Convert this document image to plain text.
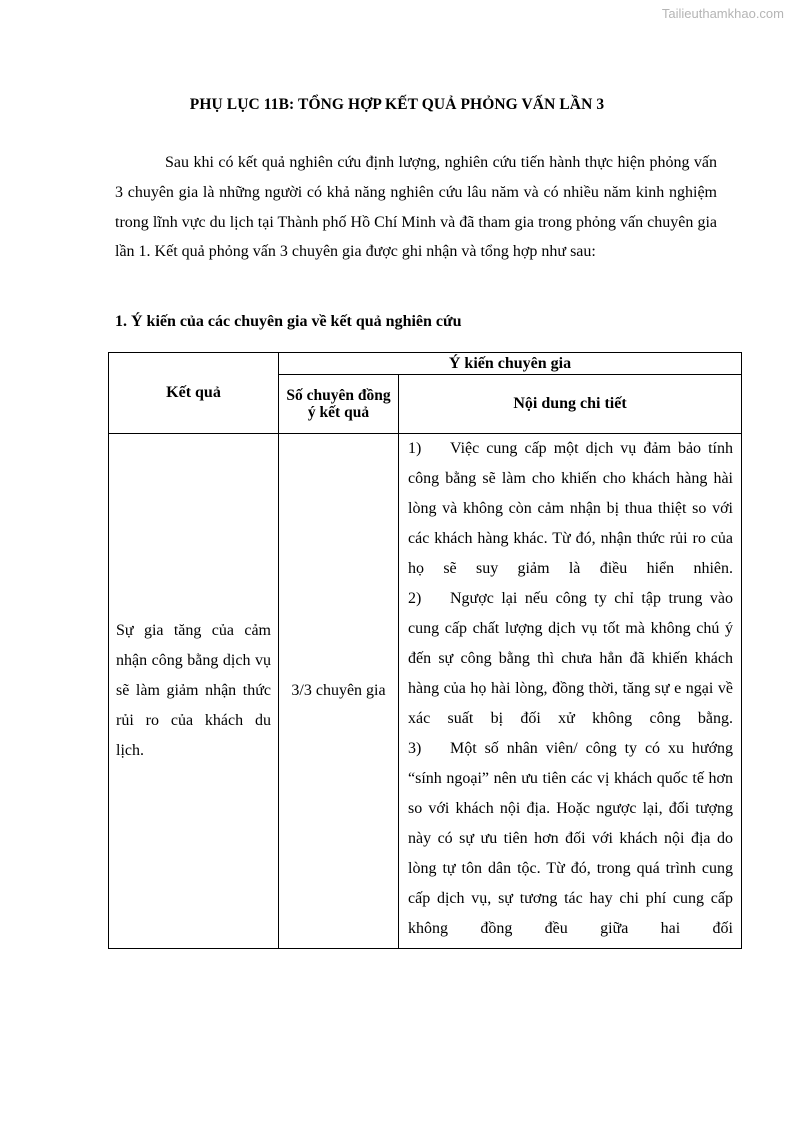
Tailieuthamkhao.com
PHỤ LỤC 11B: TỔNG HỢP KẾT QUẢ PHỎNG VẤN LẦN 3

Sau khi có kết quả nghiên cứu định lượng, nghiên cứu tiến hành thực hiện phỏng vấn 3 chuyên gia là những người có khả năng nghiên cứu lâu năm và có nhiều năm kinh nghiệm trong lĩnh vực du lịch tại Thành phố Hồ Chí Minh và đã tham gia trong phỏng vấn chuyên gia lần 1. Kết quả phỏng vấn 3 chuyên gia được ghi nhận và tổng hợp như sau:

1. Ý kiến của các chuyên gia về kết quả nghiên cứu
Kết quả	Ý kiến chuyên gia	
	Số chuyên đồng ý kết quả	Nội dung chi tiết
Sự gia tăng của cảm nhận công bằng dịch vụ sẽ làm giảm nhận thức rủi ro của khách du lịch.	3/3 chuyên gia	1) Việc cung cấp một dịch vụ đảm bảo tính công bằng sẽ làm cho khiến cho khách hàng hài lòng và không còn cảm nhận bị thua thiệt so với các khách hàng khác. Từ đó, nhận thức rủi ro của họ sẽ suy giảm là điều hiển nhiên.
2) Ngược lại nếu công ty chỉ tập trung vào cung cấp chất lượng dịch vụ tốt mà không chú ý đến sự công bằng thì chưa hẳn đã khiến khách hàng của họ hài lòng, đồng thời, tăng sự e ngại về xác suất bị đối xử không công bằng.
3) Một số nhân viên/ công ty có xu hướng “sính ngoại” nên ưu tiên các vị khách quốc tế hơn so với khách nội địa. Hoặc ngược lại, đối tượng này có sự ưu tiên hơn đối với khách nội địa do lòng tự tôn dân tộc. Từ đó, trong quá trình cung cấp dịch vụ, sự tương tác hay chi phí cung cấp không đồng đều giữa hai đối
